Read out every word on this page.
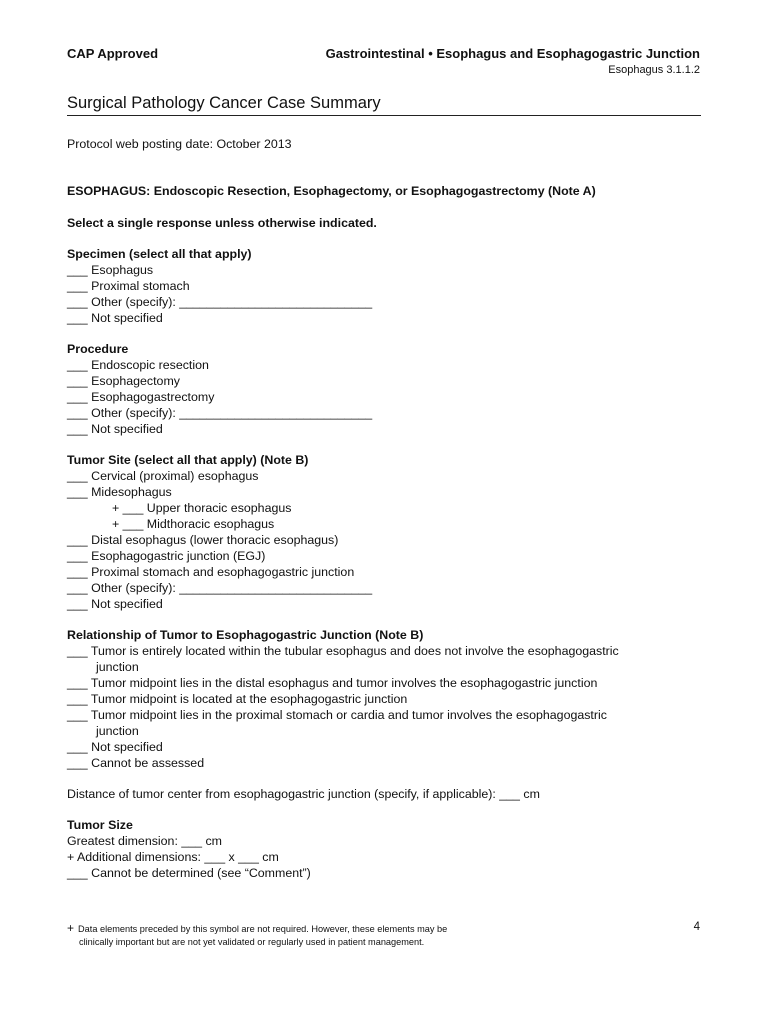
CAP Approved	Gastrointestinal • Esophagus and Esophagogastric Junction
Esophagus 3.1.1.2
Surgical Pathology Cancer Case Summary
Protocol web posting date: October 2013
ESOPHAGUS: Endoscopic Resection, Esophagectomy, or Esophagogastrectomy (Note A)
Select a single response unless otherwise indicated.
Specimen (select all that apply)
___ Esophagus
___ Proximal stomach
___ Other (specify): ____________________________
___ Not specified
Procedure
___ Endoscopic resection
___ Esophagectomy
___ Esophagogastrectomy
___ Other (specify): ____________________________
___ Not specified
Tumor Site (select all that apply) (Note B)
___ Cervical (proximal) esophagus
___ Midesophagus
+ ___ Upper thoracic esophagus
+ ___ Midthoracic esophagus
___ Distal esophagus (lower thoracic esophagus)
___ Esophagogastric junction (EGJ)
___ Proximal stomach and esophagogastric junction
___ Other (specify): ____________________________
___ Not specified
Relationship of Tumor to Esophagogastric Junction (Note B)
___ Tumor is entirely located within the tubular esophagus and does not involve the esophagogastric
junction
___ Tumor midpoint lies in the distal esophagus and tumor involves the esophagogastric junction
___ Tumor midpoint is located at the esophagogastric junction
___ Tumor midpoint lies in the proximal stomach or cardia and tumor involves the esophagogastric
junction
___ Not specified
___ Cannot be assessed
Distance of tumor center from esophagogastric junction (specify, if applicable): ___ cm
Tumor Size
Greatest dimension: ___ cm
+ Additional dimensions: ___ x ___ cm
___ Cannot be determined (see “Comment”)
+ Data elements preceded by this symbol are not required. However, these elements may be
clinically important but are not yet validated or regularly used in patient management.
4
